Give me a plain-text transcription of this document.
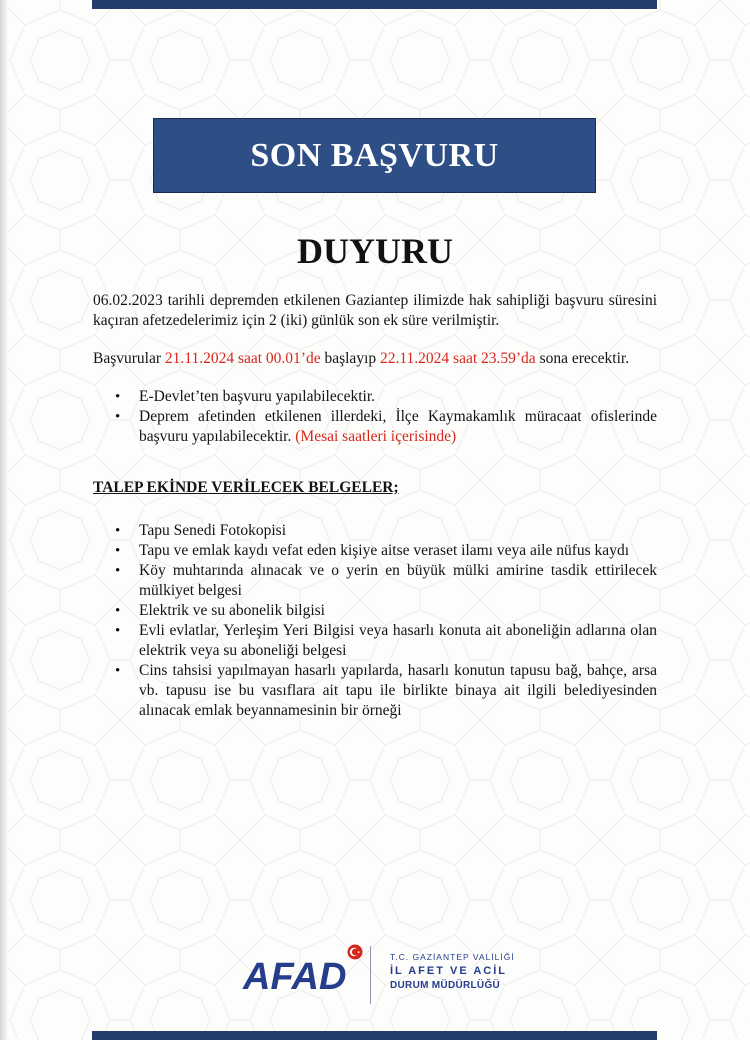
SON BAŞVURU
DUYURU

06.02.2023 tarihli depremden etkilenen Gaziantep ilimizde hak sahipliği başvuru süresini kaçıran afetzedelerimiz için 2 (iki) günlük son ek süre verilmiştir.

Başvurular 21.11.2024 saat 00.01’de başlayıp 22.11.2024 saat 23.59’da sona erecektir.

• E-Devlet’ten başvuru yapılabilecektir.
• Deprem afetinden etkilenen illerdeki, İlçe Kaymakamlık müracaat ofislerinde başvuru yapılabilecektir. (Mesai saatleri içerisinde)

TALEP EKİNDE VERİLECEK BELGELER;

• Tapu Senedi Fotokopisi
• Tapu ve emlak kaydı vefat eden kişiye aitse veraset ilamı veya aile nüfus kaydı
• Köy muhtarında alınacak ve o yerin en büyük mülki amirine tasdik ettirilecek mülkiyet belgesi
• Elektrik ve su abonelik bilgisi
• Evli evlatlar, Yerleşim Yeri Bilgisi veya hasarlı konuta ait aboneliğin adlarına olan elektrik veya su aboneliği belgesi
• Cins tahsisi yapılmayan hasarlı yapılarda, hasarlı konutun tapusu bağ, bahçe, arsa vb. tapusu ise bu vasıflara ait tapu ile birlikte binaya ait ilgili belediyesinden alınacak emlak beyannamesinin bir örneği
AFAD	T.C. GAZİANTEP VALİLİĞİ
İL AFET VE ACİL
DURUM MÜDÜRLÜĞÜ
